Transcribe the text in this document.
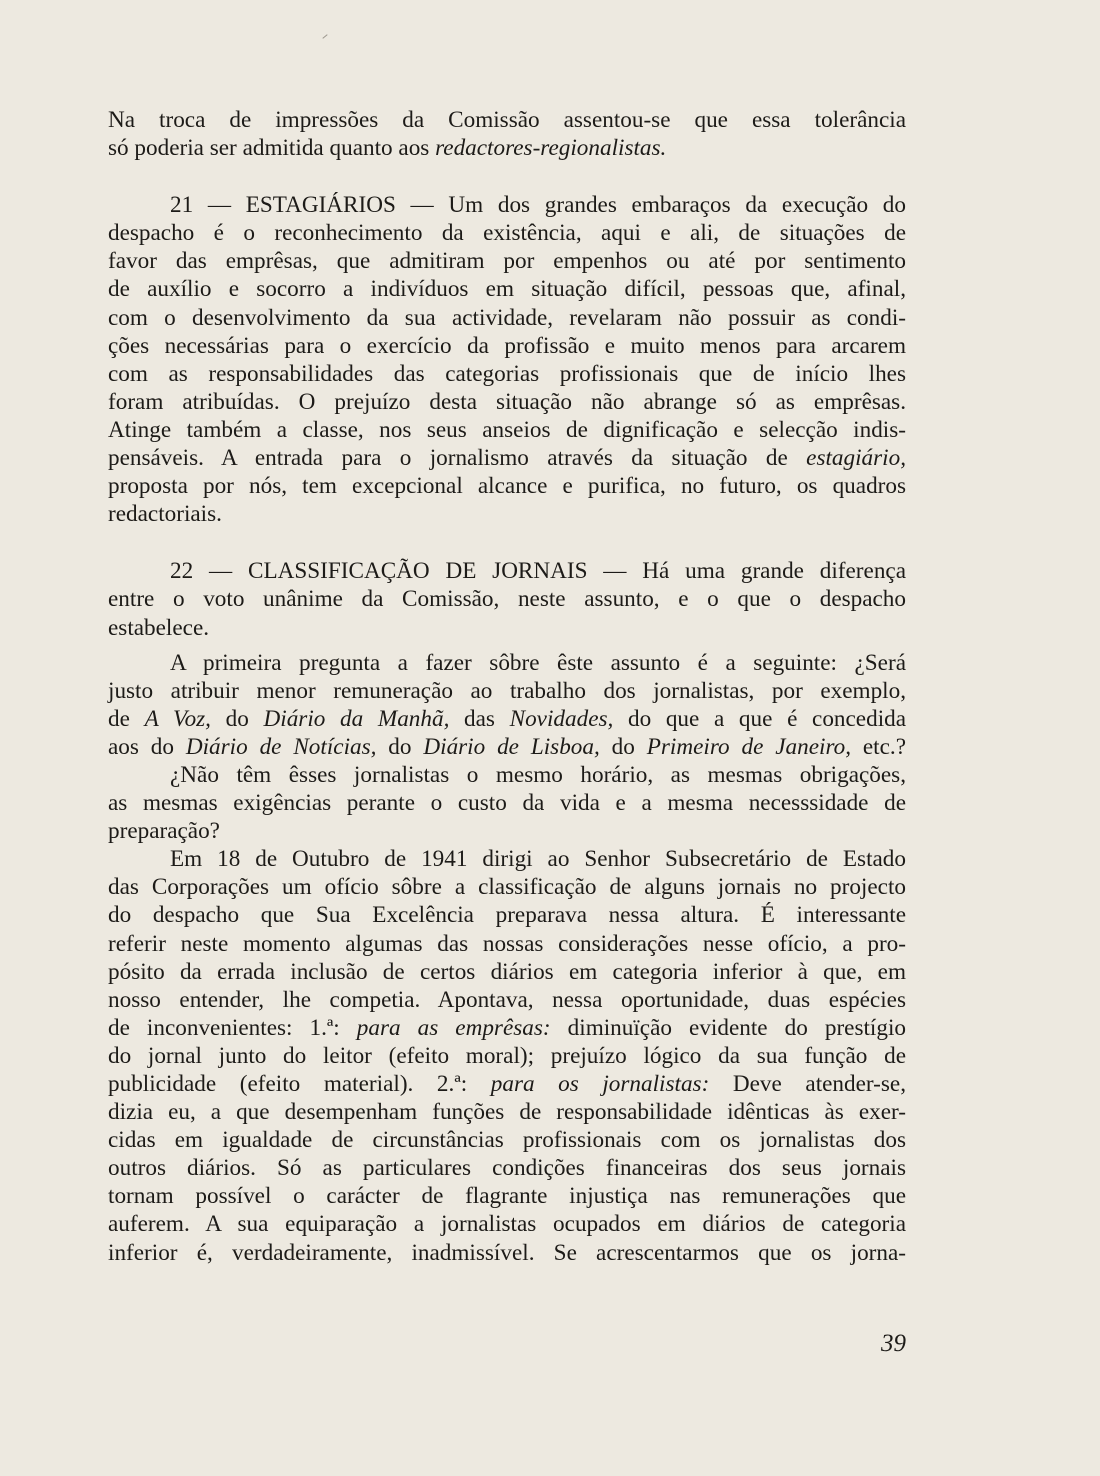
Na troca de impressões da Comissão assentou-se que essa tolerância

só poderia ser admitida quanto aos redactores-regionalistas.

21 — ESTAGIÁRIOS — Um dos grandes embaraços da execução do

despacho é o reconhecimento da existência, aqui e ali, de situações de

favor das emprêsas, que admitiram por empenhos ou até por sentimento

de auxílio e socorro a indivíduos em situação difícil, pessoas que, afinal,

com o desenvolvimento da sua actividade, revelaram não possuir as condi-

ções necessárias para o exercício da profissão e muito menos para arcarem

com as responsabilidades das categorias profissionais que de início lhes

foram atribuídas. O prejuízo desta situação não abrange só as emprêsas.

Atinge também a classe, nos seus anseios de dignificação e selecção indis-

pensáveis. A entrada para o jornalismo através da situação de estagiário,

proposta por nós, tem excepcional alcance e purifica, no futuro, os quadros

redactoriais.

22 — CLASSIFICAÇÃO DE JORNAIS — Há uma grande diferença

entre o voto unânime da Comissão, neste assunto, e o que o despacho

estabelece.

A primeira pregunta a fazer sôbre êste assunto é a seguinte: ¿Será

justo atribuir menor remuneração ao trabalho dos jornalistas, por exemplo,

de A Voz, do Diário da Manhã, das Novidades, do que a que é concedida

aos do Diário de Notícias, do Diário de Lisboa, do Primeiro de Janeiro, etc.?

¿Não têm êsses jornalistas o mesmo horário, as mesmas obrigações,

as mesmas exigências perante o custo da vida e a mesma necesssidade de

preparação?

Em 18 de Outubro de 1941 dirigi ao Senhor Subsecretário de Estado

das Corporações um ofício sôbre a classificação de alguns jornais no projecto

do despacho que Sua Excelência preparava nessa altura. É interessante

referir neste momento algumas das nossas considerações nesse ofício, a pro-

pósito da errada inclusão de certos diários em categoria inferior à que, em

nosso entender, lhe competia. Apontava, nessa oportunidade, duas espécies

de inconvenientes: 1.ª: para as emprêsas: diminuïção evidente do prestígio

do jornal junto do leitor (efeito moral); prejuízo lógico da sua função de

publicidade (efeito material). 2.ª: para os jornalistas: Deve atender-se,

dizia eu, a que desempenham funções de responsabilidade idênticas às exer-

cidas em igualdade de circunstâncias profissionais com os jornalistas dos

outros diários. Só as particulares condições financeiras dos seus jornais

tornam possível o carácter de flagrante injustiça nas remunerações que

auferem. A sua equiparação a jornalistas ocupados em diários de categoria

inferior é, verdadeiramente, inadmissível. Se acrescentarmos que os jorna-

39
